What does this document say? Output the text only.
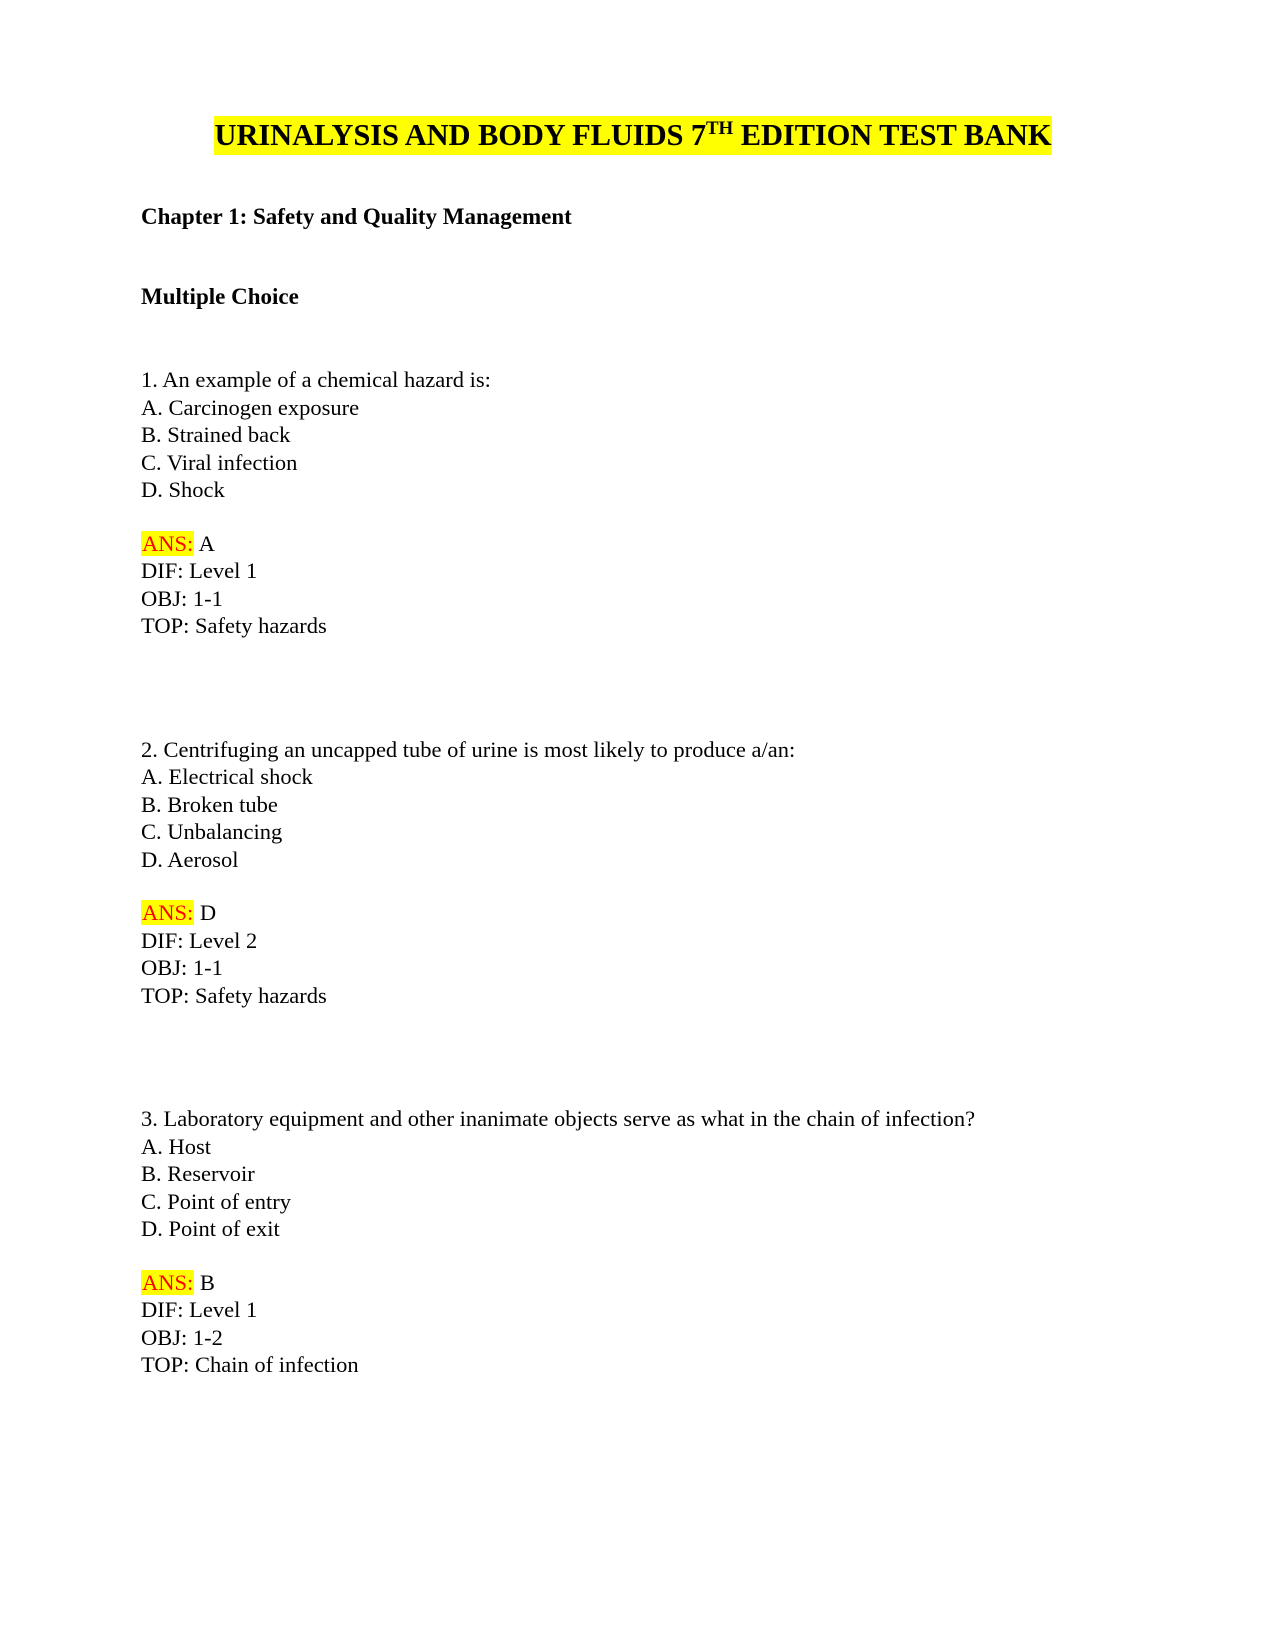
URINALYSIS AND BODY FLUIDS 7TH EDITION TEST BANK
Chapter 1: Safety and Quality Management
Multiple Choice

1. An example of a chemical hazard is:

A. Carcinogen exposure

B. Strained back

C. Viral infection

D. Shock

ANS: A

DIF: Level 1

OBJ: 1-1

TOP: Safety hazards

2. Centrifuging an uncapped tube of urine is most likely to produce a/an:

A. Electrical shock

B. Broken tube

C. Unbalancing

D. Aerosol

ANS: D

DIF: Level 2

OBJ: 1-1

TOP: Safety hazards

3. Laboratory equipment and other inanimate objects serve as what in the chain of infection?

A. Host

B. Reservoir

C. Point of entry

D. Point of exit

ANS: B

DIF: Level 1

OBJ: 1-2

TOP: Chain of infection
